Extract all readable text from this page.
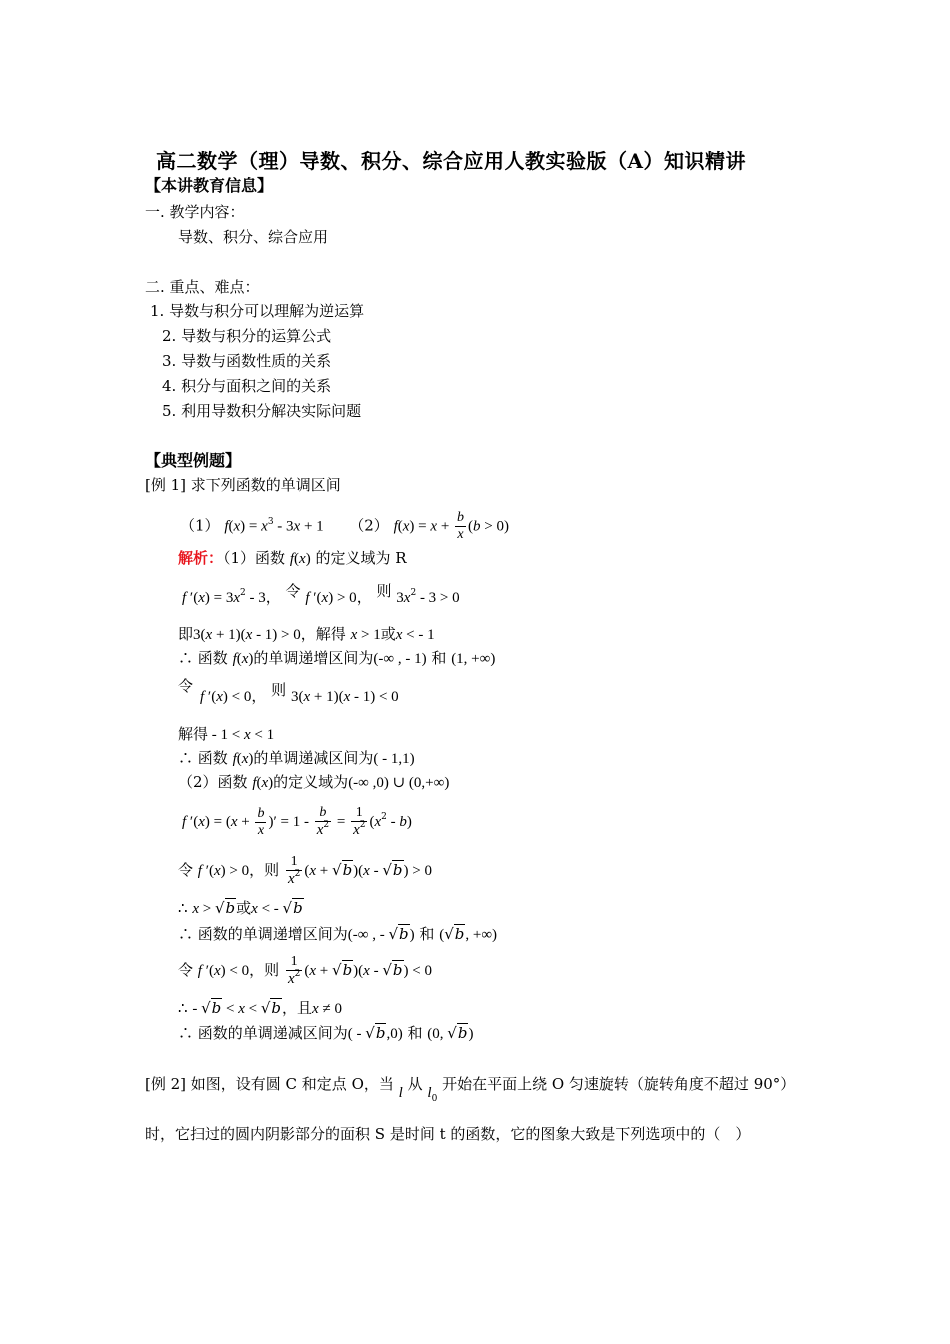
高二数学（理）导数、积分、综合应用人教实验版（A）知识精讲
【本讲教育信息】
一. 教学内容：
导数、积分、综合应用
二. 重点、难点：
1. 导数与积分可以理解为逆运算
2. 导数与积分的运算公式
3. 导数与函数性质的关系
4. 积分与面积之间的关系
5. 利用导数积分解决实际问题
【典型例题】
[例 1] 求下列函数的单调区间
（1） $f(x) = x^3 - 3x + 1$ （2） $f(x) = x + \frac{b}{x} (b > 0)$
解析：（1）函数 f(x) 的定义域为 R
f $'(x) = 3x^2 - 3$， 令 f ′(x) > 0， 则 $3x^2 - 3 > 0$
即3(x + 1)(x - 1) > 0，解得 x > 1或x < - 1
∴ 函数 f(x)的单调递增区间为(-∞ , - 1) 和 (1, +∞)
令
f ′(x) < 0， 则 3(x + 1)(x - 1) < 0
解得 - 1 < x < 1
∴ 函数 f(x)的单调递减区间为( - 1,1)
（2）函数 f(x)的定义域为(-∞ ,0) ∪ (0,+∞)
f $'(x) = (x + \frac{b}{x}$ )′ = $1 - \frac{b}{x^2} = \frac{1}{x^2} (x^2 - b)$
令 f ′(x) > 0，则 $\frac{1}{x^2} (x + √b)(x - √b) > 0$
∴ x > √b或x < - √b
∴ 函数的单调递增区间为(-∞ , - √b) 和 (√b, +∞)
令 f ′(x) < 0，则 $\frac{1}{x^2} (x + √b)(x - √b) < 0$
∴ - √b < x < √b，且x ≠ 0
∴ 函数的单调递减区间为( - √b,0) 和 (0, √b)
[例 2] 如图，设有圆 C 和定点 O，当 l 从 $l_0$ 开始在平面上绕 O 匀速旋转（旋转角度不超过 90°）
时，它扫过的圆内阴影部分的面积 S 是时间 t 的函数，它的图象大致是下列选项中的（　）
